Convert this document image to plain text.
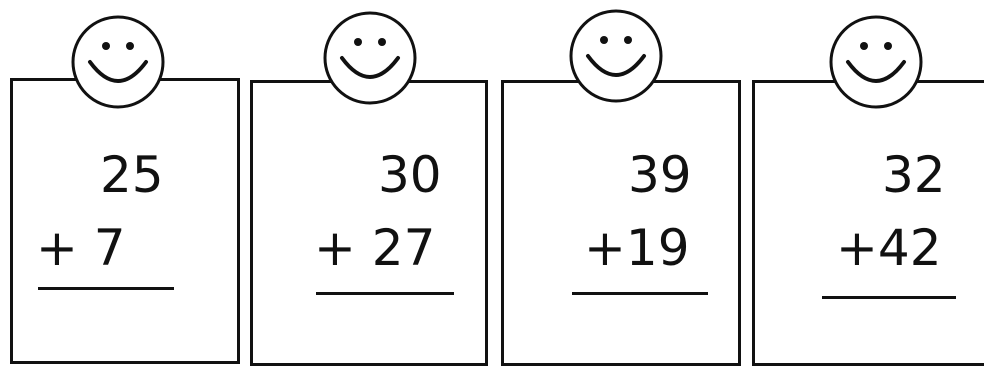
25
+ 7
30
+ 27
39
+19
32
+42
